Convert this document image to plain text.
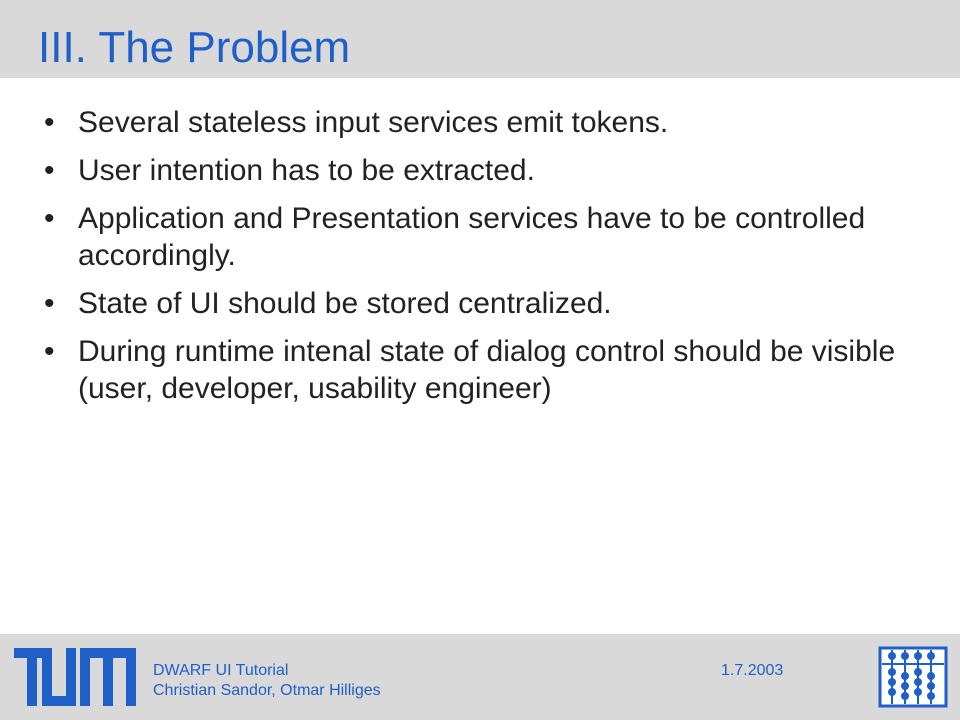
III. The Problem
• Several stateless input services emit tokens.
• User intention has to be extracted.
• Application and Presentation services have to be controlled accordingly.
• State of UI should be stored centralized.
• During runtime intenal state of dialog control should be visible (user, developer, usability engineer)
DWARF UI Tutorial
Christian Sandor, Otmar Hilliges
1.7.2003
